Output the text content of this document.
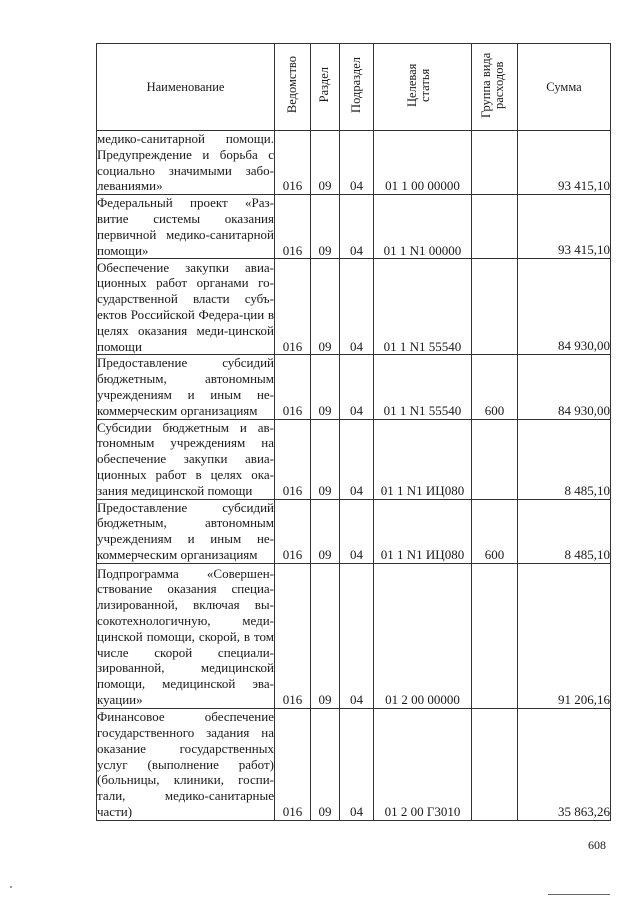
Наименование	Ведомство	Раздел	Подраздел	Целевая статья	Группа вида расходов	Сумма
медико-санитарной помощи. Предупреждение и борьба с социально значимыми забо-леваниями»	016	09	04	01 1 00 00000		93 415,10
Федеральный проект «Раз-витие системы оказания первичной медико-санитарной помощи»	016	09	04	01 1 N1 00000		93 415,10
Обеспечение закупки авиа-ционных работ органами го-сударственной власти субъ-ектов Российской Федера-ции в целях оказания меди-цинской помощи	016	09	04	01 1 N1 55540		84 930,00
Предоставление субсидий бюджетным, автономным учреждениям и иным не-коммерческим организациям	016	09	04	01 1 N1 55540	600	84 930,00
Субсидии бюджетным и ав-тономным учреждениям на обеспечение закупки авиа-ционных работ в целях ока-зания медицинской помощи	016	09	04	01 1 N1 ИЦ080		8 485,10
Предоставление субсидий бюджетным, автономным учреждениям и иным не-коммерческим организациям	016	09	04	01 1 N1 ИЦ080	600	8 485,10
Подпрограмма «Совершен-ствование оказания специа-лизированной, включая вы-сокотехнологичную, меди-цинской помощи, скорой, в том числе скорой специали-зированной, медицинской помощи, медицинской эва-куации»	016	09	04	01 2 00 00000		91 206,16
Финансовое обеспечение государственного задания на оказание государственных услуг (выполнение работ) (больницы, клиники, госпи-тали, медико-санитарные части)	016	09	04	01 2 00 Г3010		35 863,26
608
